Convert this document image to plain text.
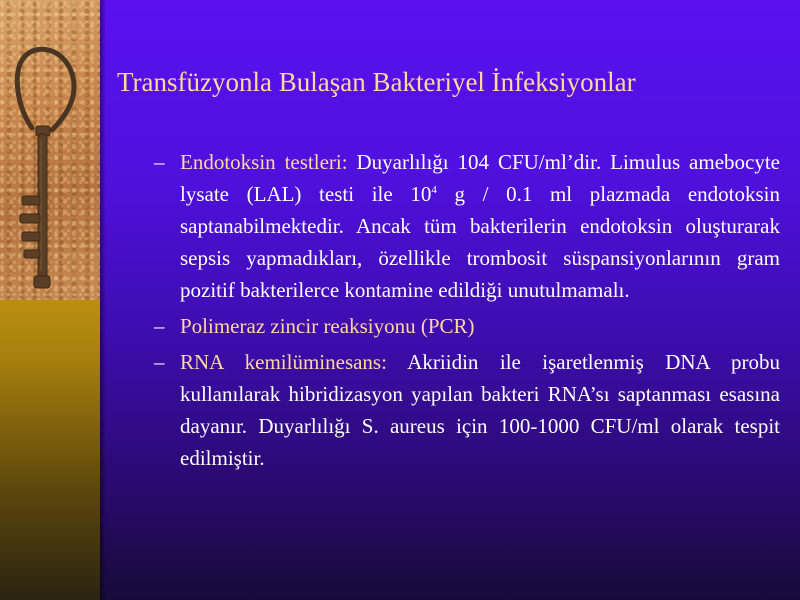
Transfüzyonla Bulaşan Bakteriyel İnfeksiyonlar
– Endotoksin testleri: Duyarlılığı 104 CFU/ml’dir. Limulus amebocyte lysate (LAL) testi ile $10^4$ g / 0.1 ml plazmada endotoksin saptanabilmektedir. Ancak tüm bakterilerin endotoksin oluşturarak sepsis yapmadıkları, özellikle trombosit süspansiyonlarının gram pozitif bakterilerce kontamine edildiği unutulmamalı.
– Polimeraz zincir reaksiyonu (PCR)
– RNA kemilüminesans: Akriidin ile işaretlenmiş DNA probu kullanılarak hibridizasyon yapılan bakteri RNA’sı saptanması esasına dayanır. Duyarlılığı S. aureus için 100-1000 CFU/ml olarak tespit edilmiştir.
